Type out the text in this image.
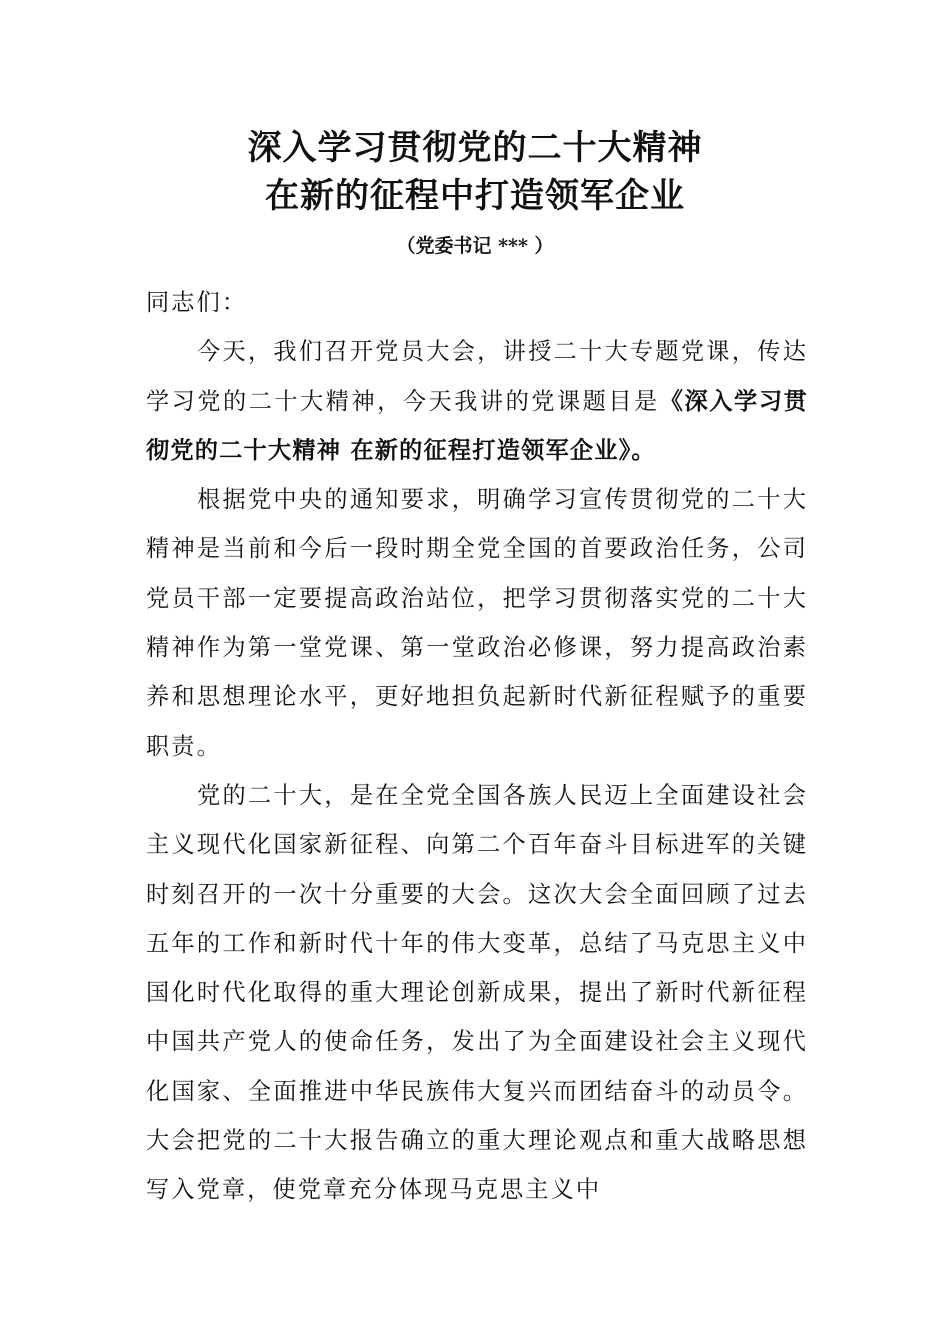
深入学习贯彻党的二十大精神
在新的征程中打造领军企业
（党委书记 *** ）

同志们：

今天，我们召开党员大会，讲授二十大专题党课，传达学习党的二十大精神，今天我讲的党课题目是《深入学习贯彻党的二十大精神 在新的征程打造领军企业》。

根据党中央的通知要求，明确学习宣传贯彻党的二十大精神是当前和今后一段时期全党全国的首要政治任务，公司党员干部一定要提高政治站位，把学习贯彻落实党的二十大精神作为第一堂党课、第一堂政治必修课，努力提高政治素养和思想理论水平，更好地担负起新时代新征程赋予的重要职责。

党的二十大，是在全党全国各族人民迈上全面建设社会主义现代化国家新征程、向第二个百年奋斗目标进军的关键时刻召开的一次十分重要的大会。这次大会全面回顾了过去五年的工作和新时代十年的伟大变革，总结了马克思主义中国化时代化取得的重大理论创新成果，提出了新时代新征程中国共产党人的使命任务，发出了为全面建设社会主义现代化国家、全面推进中华民族伟大复兴而团结奋斗的动员令。大会把党的二十大报告确立的重大理论观点和重大战略思想写入党章，使党章充分体现马克思主义中
